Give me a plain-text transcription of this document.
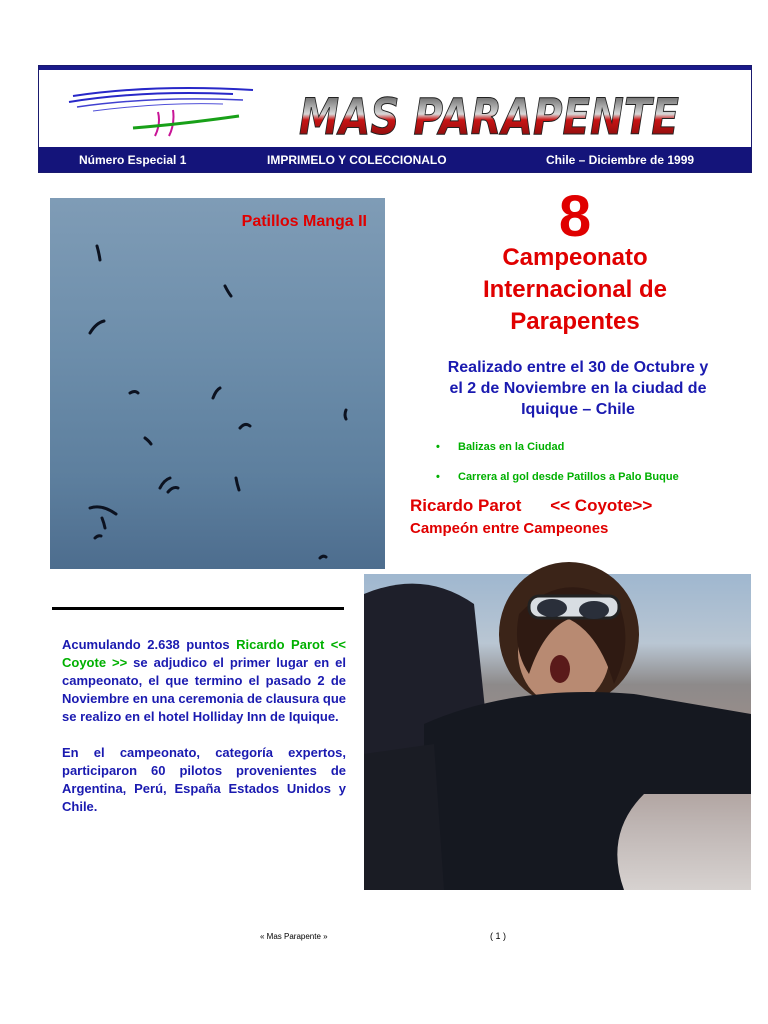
MAS PARAPENTE
Número Especial 1	IMPRIMELO Y COLECCIONALO	Chile – Diciembre de 1999
Patillos Manga II	8
Campeonato
Internacional de
Parapentes
Realizado entre el 30 de Octubre y
el 2 de Noviembre en la ciudad de
Iquique – Chile
• Balizas en la Ciudad
• Carrera al gol desde Patillos a Palo Buque
Ricardo Parot << Coyote>>
Campeón entre Campeones

Acumulando 2.638 puntos Ricardo Parot << Coyote >> se adjudico el primer lugar en el campeonato, el que termino el pasado 2 de Noviembre en una ceremonia de clausura que se realizo en el hotel Holliday Inn de Iquique.

En el campeonato, categoría expertos, participaron 60 pilotos provenientes de Argentina, Perú, España Estados Unidos y Chile.

« Mas Parapente »	( 1 )
